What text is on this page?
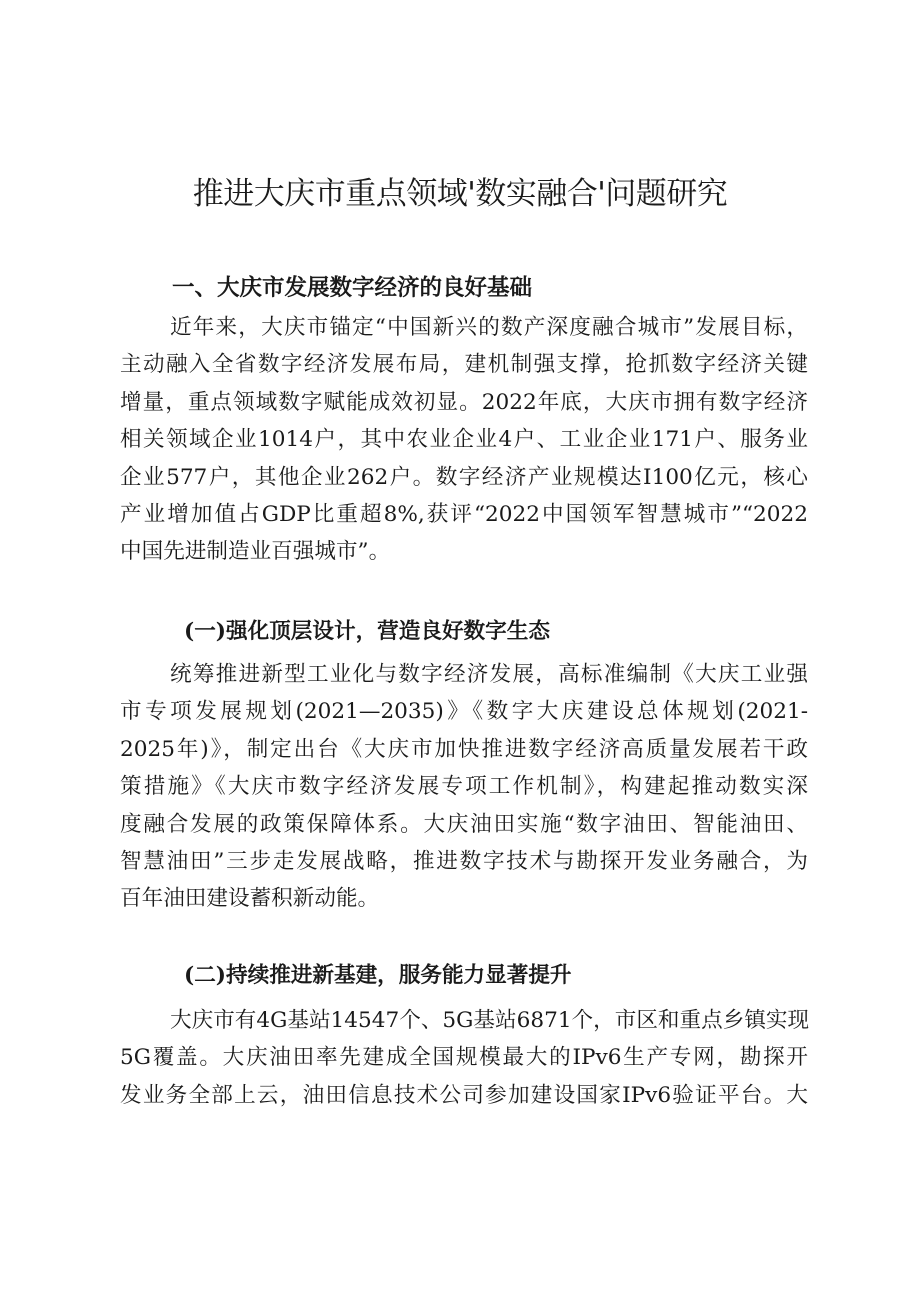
推进大庆市重点领域'数实融合'问题研究
一、大庆市发展数字经济的良好基础
近年来，大庆市锚定“中国新兴的数产深度融合城市”发展目标，
主动融入全省数字经济发展布局，建机制强支撑，抢抓数字经济关键
增量，重点领域数字赋能成效初显。2022年底，大庆市拥有数字经济
相关领域企业1014户，其中农业企业4户、工业企业171户、服务业
企业577户，其他企业262户。数字经济产业规模达I100亿元，核心
产业增加值占GDP比重超8%,获评“2022中国领军智慧城市”“2022
中国先进制造业百强城市”。
(一)强化顶层设计，营造良好数字生态
统筹推进新型工业化与数字经济发展，高标准编制《大庆工业强
市专项发展规划(2021—2035)》《数字大庆建设总体规划(2021-
2025年)》，制定出台《大庆市加快推进数字经济高质量发展若干政
策措施》《大庆市数字经济发展专项工作机制》，构建起推动数实深
度融合发展的政策保障体系。大庆油田实施“数字油田、智能油田、
智慧油田”三步走发展战略，推进数字技术与勘探开发业务融合，为
百年油田建设蓄积新动能。
(二)持续推进新基建，服务能力显著提升
大庆市有4G基站14547个、5G基站6871个，市区和重点乡镇实现
5G覆盖。大庆油田率先建成全国规模最大的IPv6生产专网，勘探开
发业务全部上云，油田信息技术公司参加建设国家IPv6验证平台。大
